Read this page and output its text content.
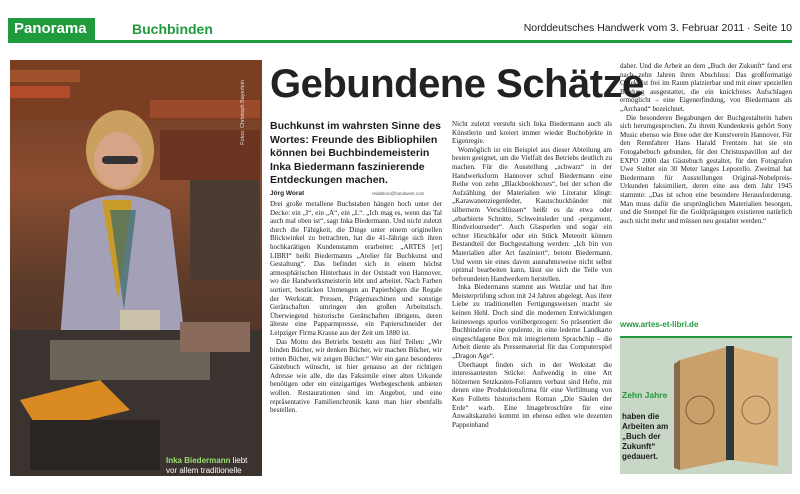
Panorama	Buchbinden	Norddeutsches Handwerk vom 3. Februar 2011 · Seite 10
Fotos: Christoph Bayerlein
Inka Biedermann liebt vor allem traditionelle Fertigungstechniken.
Gebundene Schätze
Buchkunst im wahrsten Sinne des Wortes: Freunde des Bibliophilen können bei Buchbindemeisterin Inka Biedermann faszinierende Entdeckungen machen.
Jörg Worat	redaktion@handwerk.com

Drei große metallene Buchstaben hängen hoch unter der Decke: ein „I“, ein „A“, ein „L“. „Ich mag es, wenn das Tal auch mal oben ist“, sagt Inka Biedermann. Und nicht zuletzt durch die Fähigkeit, die Dinge unter einem originellen Blickwinkel zu betrachten, hat die 41-Jährige sich ihren hochkarätigen Kundenstamm erarbeitet: „ARTES [et] LIBRI“ heißt Biedermanns „Atelier für Buchkunst und Gestaltung“. Das befindet sich in einem höchst atmosphärischen Hinterhaus in der Oststadt von Hannover, wo die Handwerksmeisterin lebt und arbeitet. Nach Farben sortiert, bestücken Unmengen an Papierbögen die Regale der Werkstatt. Pressen, Prägemaschinen und sonstige Gerätschaften umringen den großen Arbeitstisch. Überwiegend historische Gerätschaften übrigens, deren älteste eine Papparmpresse, ein Papierschneider der Leipziger Firma Krause aus der Zeit um 1880 ist.

Das Motto des Betriebs besteht aus fünf Teilen: „Wir binden Bücher, wir denken Bücher, wir machen Bücher, wir retten Bücher, wir zeigen Bücher.“ Wer ein ganz besonderes Gästebuch wünscht, ist hier genauso an der richtigen Adresse wie alle, die das Faksimile einer alten Urkunde benötigen oder ein einzigartiges Werbegeschenk anbieten wollen. Restaurationen sind im Angebot, und eine repräsentative Familienchronik kann man hier ebenfalls bestellen.

Nicht zuletzt versteht sich Inka Biedermann auch als Künstlerin und kreiert immer wieder Buchobjekte in Eigenregie.

Womöglich ist ein Beispiel aus dieser Abteilung am besten geeignet, um die Vielfalt des Betriebs deutlich zu machen. Für die Ausstellung „schwarz“ in der Handwerksform Hannover schuf Biedermann eine Reihe von zehn „Blackbookboxes“, bei der schon die Aufzählung der Materialien wie Literatur klingt: „Karawanenziegenleder, Kautschuckbänder mit silbernem Verschlüssen“ heißt es da etwa oder „ebarbierte Schnitte, Schweinsleder und -pergament, Rindvelourseder“. Auch Glasperlen und sogar ein echter Hirschkäfer oder ein Stück Meteorit können Bestandteil der Buchgestaltung werden: „Ich bin von Materialien aller Art fasziniert“, betont Biedermann. Und wenn sie eines davon ausnahmsweise nicht selbst optimal bearbeiten kann, lässt sie sich die Teile von befreundeten Handwerkern herstellen.

Inka Biedermann stammt aus Wetzlar und hat ihre Meisterprüfung schon mit 24 Jahren abgelegt. Aus ihrer Liebe zu traditionellen Fertigungsweisen macht sie keinen Hehl. Doch sind die modernen Entwicklungen keineswegs spurlos vorübergezogen: So präsentiert die Buchbinderin eine opulente, in eine lederne Landkarte eingeschlagene Box mit integriertem Sprachchip – die Arbeit diente als Pressematerial für das Computerspiel „Dragon Age“.

Überhaupt finden sich in der Werkstatt die interessantesten Stücke: Aufwendig in eine Art hölzernen Setzkasten-Folianten verbaut sind Hefte, mit denen eine Produktionsfirma für eine Verfilmung von Ken Folletts historischem Roman „Die Säulen der Erde“ warb. Eine Imagebroschüre für eine Anwaltskanzlei kommt im ebenso edlen wie dezenten Pappeinband

daher. Und die Arbeit an dem „Buch der Zukunft“ fand erst nach zehn Jahren ihren Abschluss: Das großformatige Objekt ist frei im Raum platzierbar und mit einer speziellen Bindung ausgestattet, die ein knickfreies Aufschlagen ermöglicht – eine Eigenerfindung, von Biedermann als „Archand“ bezeichnet.

Die besonderen Begabungen der Buchgestalterin haben sich herumgesprochen. Zu ihrem Kundenkreis gehört Sony Music ebenso wie Bree oder der Kunstverein Hannover. Für den Rennfahrer Hans Harald Frentzen hat sie ein Fotogabebuch gebunden, für den Christuspavillon auf der EXPO 2000 das Gästebuch gestaltet, für den Fotografen Uwe Stelter ein 30 Meter langes Leporello. Zweimal hat Biedermann für Ausstellungen Original-Nobelpreis-Urkunden faksimiliert, deren eine aus dem Jahr 1945 stammte: „Das ist schon eine besondere Herausforderung. Man muss dafür die ursprünglichen Materialien besorgen, und die Stempel für die Goldprägungen existieren natürlich auch nicht mehr und müssen neu gestaltet werden.“

www.artes-et-libri.de
Zehn Jahre
haben die Arbeiten am „Buch der Zukunft“ gedauert.
